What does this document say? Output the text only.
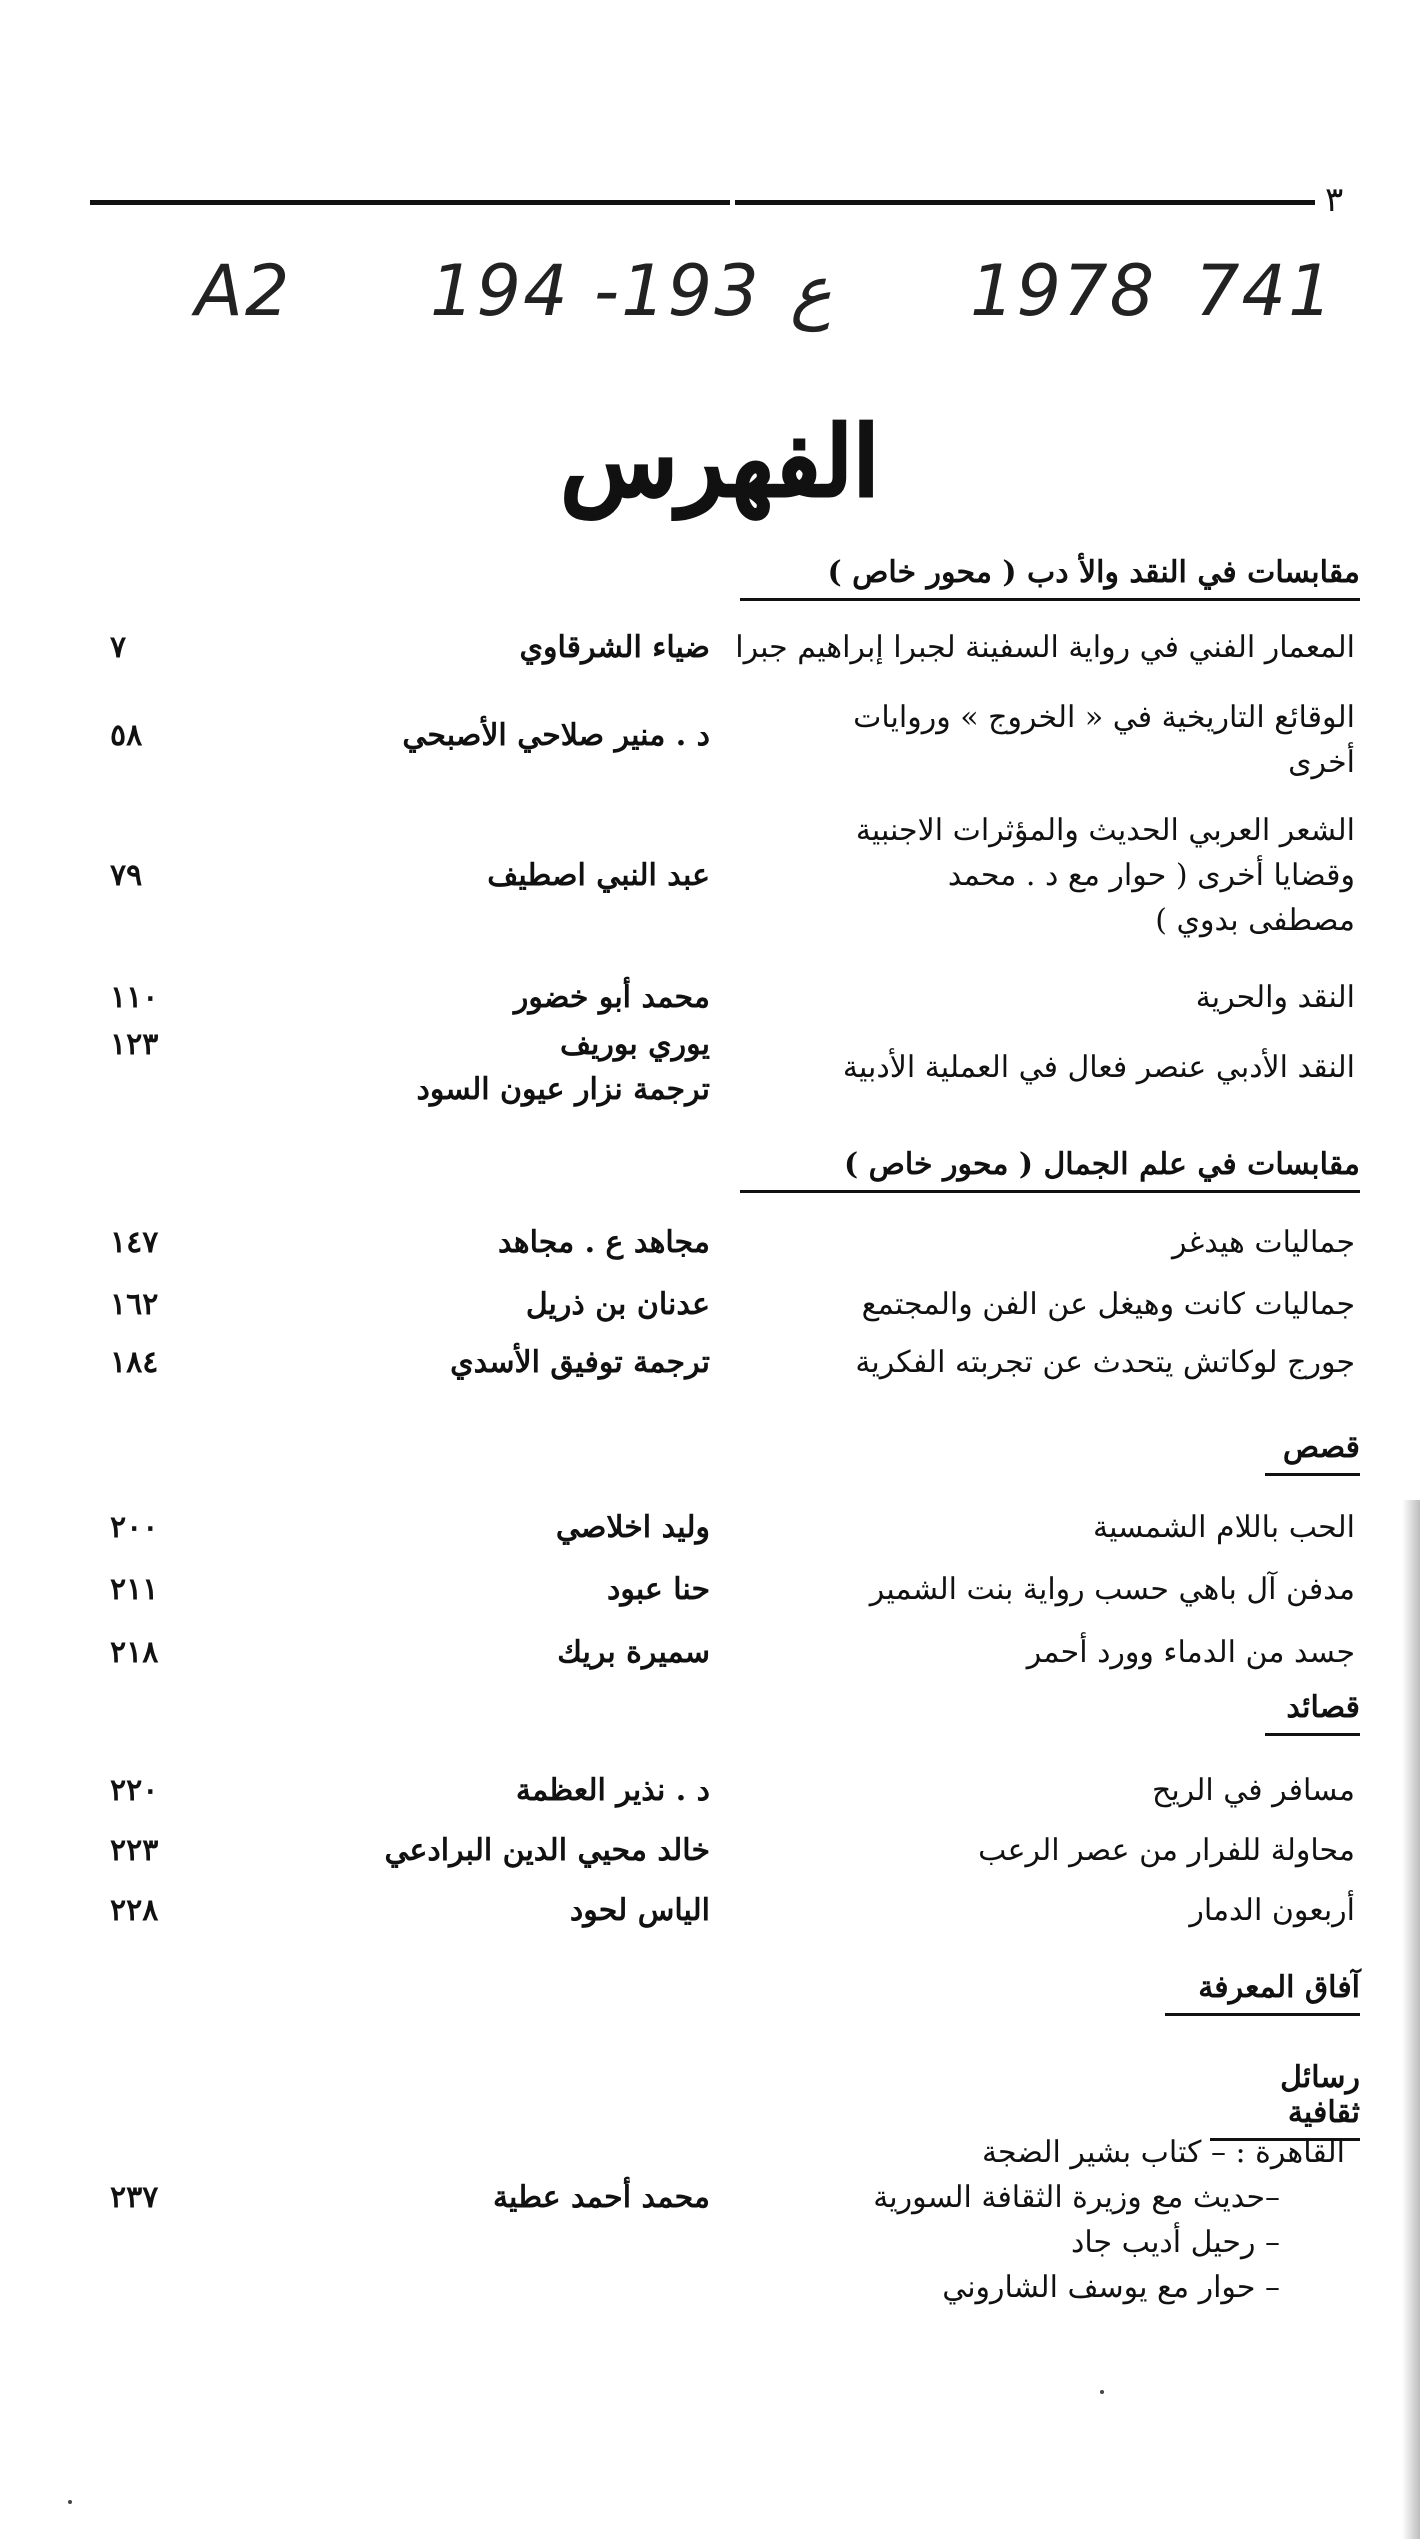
٣
A2 194 -193 ع 1978 741
الفهرس
مقابسات في النقد والأ دب ( محور خاص )
المعمار الفني في رواية السفينة لجبرا إبراهيم جبرا
ضياء الشرقاوي
٧
الوقائع التاريخية في « الخروج » وروايات
أخرى
د . منير صلاحي الأصبحي
٥٨
الشعر العربي الحديث والمؤثرات الاجنبية
وقضايا أخرى ( حوار مع د . محمد
مصطفى بدوي )
عبد النبي اصطيف
٧٩
النقد والحرية
محمد أبو خضور
١١٠
النقد الأدبي عنصر فعال في العملية الأدبية
يوري بوريف
ترجمة نزار عيون السود
١٢٣
مقابسات في علم الجمال ( محور خاص )
جماليات هيدغر
مجاهد ع . مجاهد
١٤٧
جماليات كانت وهيغل عن الفن والمجتمع
عدنان بن ذريل
١٦٢
جورج لوكاتش يتحدث عن تجربته الفكرية
ترجمة توفيق الأسدي
١٨٤
قصص
الحب باللام الشمسية
وليد اخلاصي
٢٠٠
مدفن آل باهي حسب رواية بنت الشمير
حنا عبود
٢١١
جسد من الدماء وورد أحمر
سميرة بريك
٢١٨
قصائد
مسافر في الريح
د . نذير العظمة
٢٢٠
محاولة للفرار من عصر الرعب
خالد محيي الدين البرادعي
٢٢٣
أربعون الدمار
الياس لحود
٢٢٨
آفاق المعرفة
رسائل ثقافية
القاهرة : – كتاب بشير الضجة
–حديث مع وزيرة الثقافة السورية
– رحيل أديب جاد
– حوار مع يوسف الشاروني
محمد أحمد عطية
٢٣٧
